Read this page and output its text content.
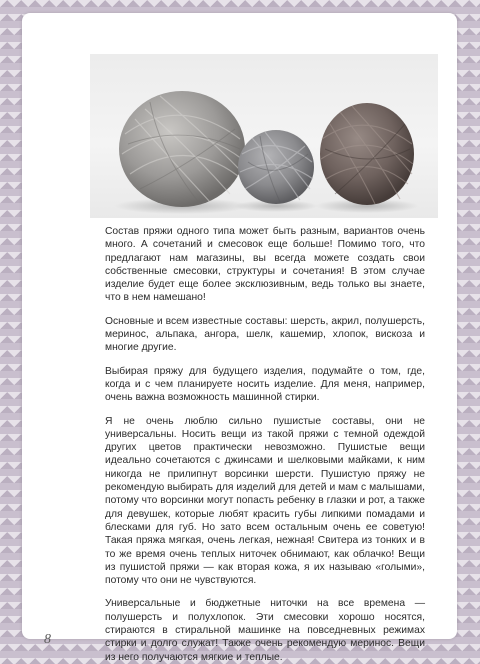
Состав пряжи одного типа может быть разным, вариантов очень много. А сочетаний и смесовок еще больше! Помимо того, что предлагают нам магазины, вы всегда можете создать свои собственные смесовки, структуры и сочетания! В этом случае изделие будет еще более эксклюзивным, ведь только вы знаете, что в нем намешано!

Основные и всем известные составы: шерсть, акрил, полушерсть, меринос, альпака, ангора, шелк, кашемир, хлопок, вискоза и многие другие.

Выбирая пряжу для будущего изделия, подумайте о том, где, когда и с чем планируете носить изделие. Для меня, например, очень важна возможность машинной стирки.

Я не очень люблю сильно пушистые составы, они не универсальны. Носить вещи из такой пряжи с темной одеждой других цветов практически невозможно. Пушистые вещи идеально сочетаются с джинсами и шелковыми майками, к ним никогда не прилипнут ворсинки шерсти. Пушистую пряжу не рекомендую выбирать для изделий для детей и мам с малышами, потому что ворсинки могут попасть ребенку в глазки и рот, а также для девушек, которые любят красить губы липкими помадами и блесками для губ. Но зато всем остальным очень ее советую! Такая пряжа мягкая, очень легкая, нежная! Свитера из тонких и в то же время очень теплых ниточек обнимают, как облачко! Вещи из пушистой пряжи — как вторая кожа, я их называю «голыми», потому что они не чувствуются.

Универсальные и бюджетные ниточки на все времена — полушерсть и полухлопок. Эти смесовки хорошо носятся, стираются в стиральной машинке на повседневных режимах стирки и долго служат! Также очень рекомендую меринос. Вещи из него получаются мягкие и теплые.

8
